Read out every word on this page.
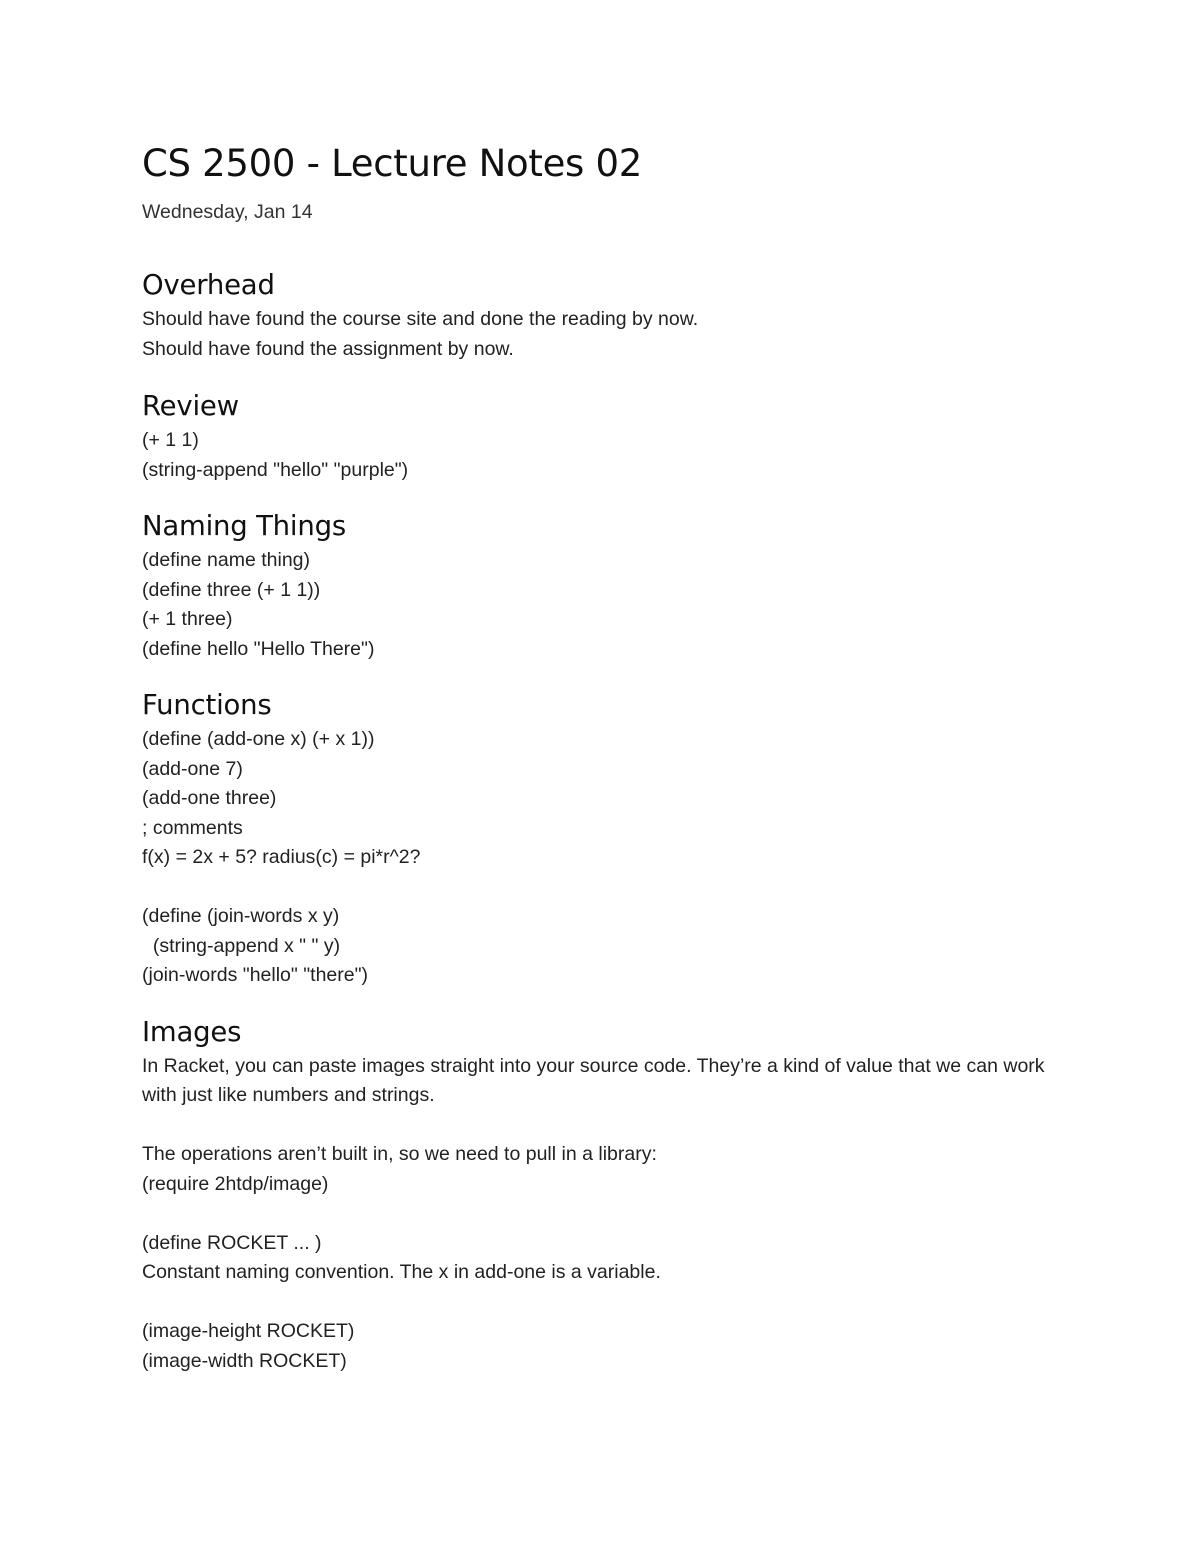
CS 2500 - Lecture Notes 02

Wednesday, Jan 14

Overhead

Should have found the course site and done the reading by now.

Should have found the assignment by now.

Review

(+ 1 1)

(string-append "hello" "purple")

Naming Things

(define name thing)

(define three (+ 1 1))

(+ 1 three)

(define hello "Hello There")

Functions

(define (add-one x) (+ x 1))

(add-one 7)

(add-one three)

; comments

f(x) = 2x + 5? radius(c) = pi*r^2?

(define (join-words x y)

(string-append x " " y)

(join-words "hello" "there")

Images

In Racket, you can paste images straight into your source code. They’re a kind of value that we can work with just like numbers and strings.

The operations aren’t built in, so we need to pull in a library:

(require 2htdp/image)

(define ROCKET ... )

Constant naming convention. The x in add-one is a variable.

(image-height ROCKET)

(image-width ROCKET)
